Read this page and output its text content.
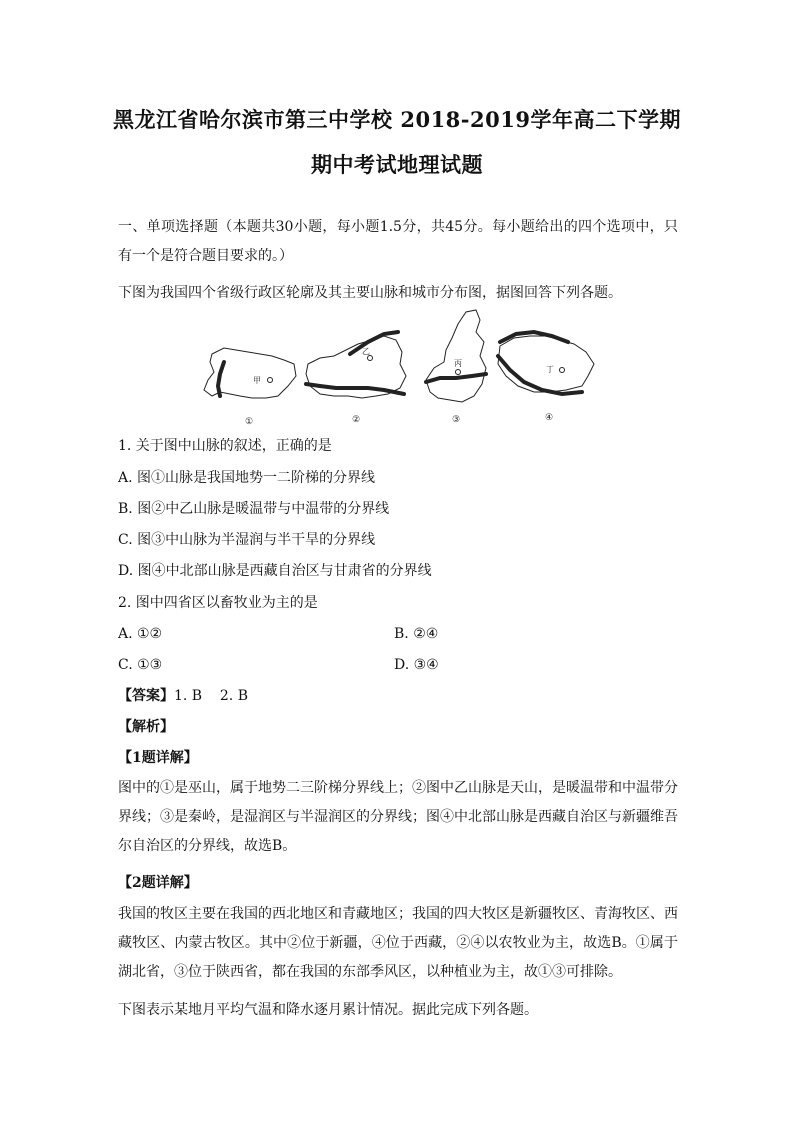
黑龙江省哈尔滨市第三中学校 2018-2019学年高二下学期
期中考试地理试题
一、单项选择题（本题共30小题，每小题1.5分，共45分。每小题给出的四个选项中，只有一个是符合题目要求的。）
下图为我国四个省级行政区轮廓及其主要山脉和城市分布图，据图回答下列各题。
甲
乙
丙
丁
①	②	③	④
1. 关于图中山脉的叙述，正确的是
A. 图①山脉是我国地势一二阶梯的分界线
B. 图②中乙山脉是暖温带与中温带的分界线
C. 图③中山脉为半湿润与半干旱的分界线
D. 图④中北部山脉是西藏自治区与甘肃省的分界线
2. 图中四省区以畜牧业为主的是
A. ①②	B. ②④
C. ①③	D. ③④
【答案】1. B    2. B
【解析】
【1题详解】
图中的①是巫山，属于地势二三阶梯分界线上；②图中乙山脉是天山，是暖温带和中温带分界线；③是秦岭，是湿润区与半湿润区的分界线；图④中北部山脉是西藏自治区与新疆维吾尔自治区的分界线，故选B。
【2题详解】
我国的牧区主要在我国的西北地区和青藏地区；我国的四大牧区是新疆牧区、青海牧区、西藏牧区、内蒙古牧区。其中②位于新疆，④位于西藏，②④以农牧业为主，故选B。①属于湖北省，③位于陕西省，都在我国的东部季风区，以种植业为主，故①③可排除。
下图表示某地月平均气温和降水逐月累计情况。据此完成下列各题。
